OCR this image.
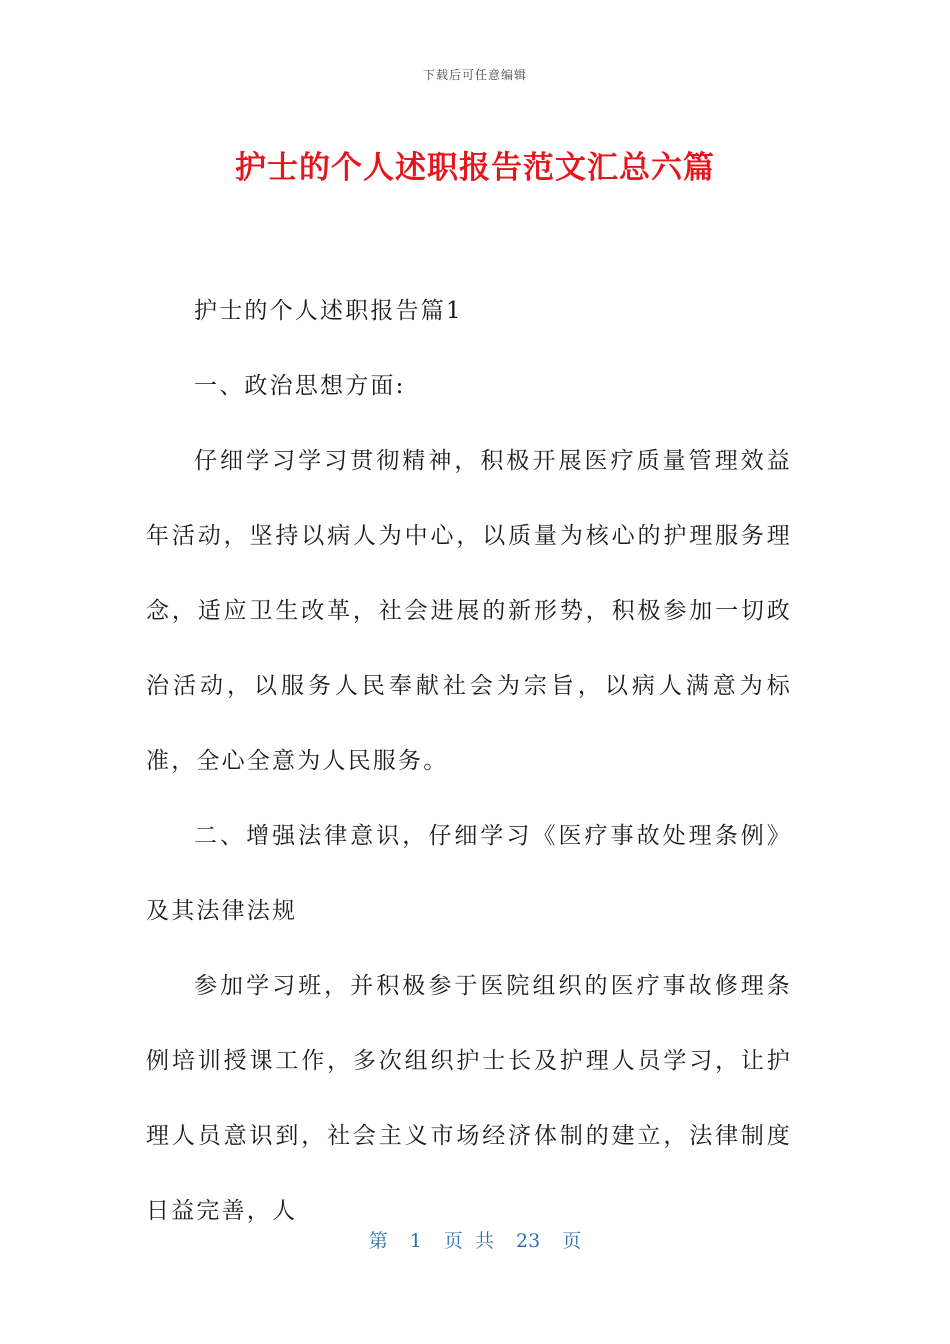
下载后可任意编辑
护士的个人述职报告范文汇总六篇

护士的个人述职报告篇1

一、政治思想方面:

仔细学习学习贯彻精神，积极开展医疗质量管理效益年活动，坚持以病人为中心，以质量为核心的护理服务理念，适应卫生改革，社会进展的新形势，积极参加一切政治活动，以服务人民奉献社会为宗旨，以病人满意为标准，全心全意为人民服务。

二、增强法律意识，仔细学习《医疗事故处理条例》及其法律法规

参加学习班，并积极参于医院组织的医疗事故修理条例培训授课工作，多次组织护士长及护理人员学习，让护理人员意识到，社会主义市场经济体制的建立，法律制度日益完善，人

第 1 页 共 23 页
